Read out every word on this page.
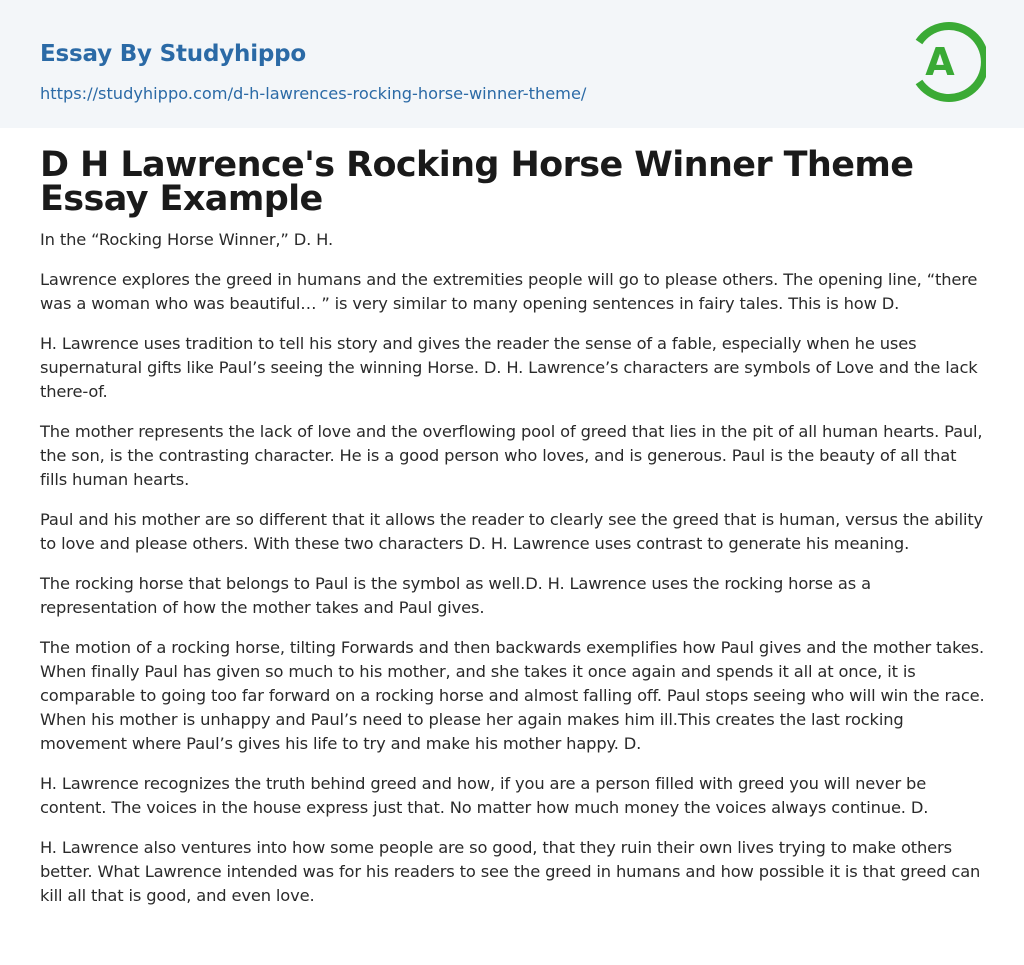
Essay By Studyhippo
https://studyhippo.com/d-h-lawrences-rocking-horse-winner-theme/
A
D H Lawrence's Rocking Horse Winner Theme Essay Example

In the “Rocking Horse Winner,” D. H.

Lawrence explores the greed in humans and the extremities people will go to please others. The opening line, “there was a woman who was beautiful… ” is very similar to many opening sentences in fairy tales. This is how D.

H. Lawrence uses tradition to tell his story and gives the reader the sense of a fable, especially when he uses supernatural gifts like Paul’s seeing the winning Horse. D. H. Lawrence’s characters are symbols of Love and the lack there-of.

The mother represents the lack of love and the overflowing pool of greed that lies in the pit of all human hearts. Paul, the son, is the contrasting character. He is a good person who loves, and is generous. Paul is the beauty of all that fills human hearts.

Paul and his mother are so different that it allows the reader to clearly see the greed that is human, versus the ability to love and please others. With these two characters D. H. Lawrence uses contrast to generate his meaning.

The rocking horse that belongs to Paul is the symbol as well.D. H. Lawrence uses the rocking horse as a representation of how the mother takes and Paul gives.

The motion of a rocking horse, tilting Forwards and then backwards exemplifies how Paul gives and the mother takes. When finally Paul has given so much to his mother, and she takes it once again and spends it all at once, it is comparable to going too far forward on a rocking horse and almost falling off. Paul stops seeing who will win the race. When his mother is unhappy and Paul’s need to please her again makes him ill.This creates the last rocking movement where Paul’s gives his life to try and make his mother happy. D.

H. Lawrence recognizes the truth behind greed and how, if you are a person filled with greed you will never be content. The voices in the house express just that. No matter how much money the voices always continue. D.

H. Lawrence also ventures into how some people are so good, that they ruin their own lives trying to make others better. What Lawrence intended was for his readers to see the greed in humans and how possible it is that greed can kill all that is good, and even love.
